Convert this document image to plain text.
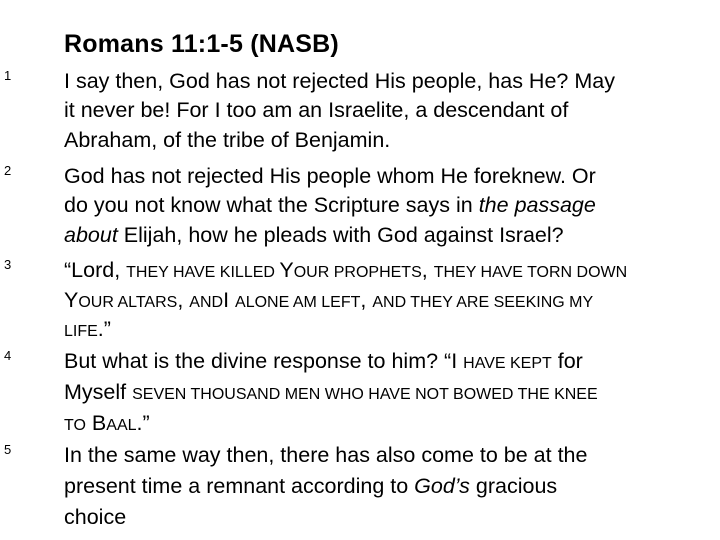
Romans 11:1-5 (NASB)
1 I say then, God has not rejected His people, has He? May
it never be! For I too am an Israelite, a descendant of
Abraham, of the tribe of Benjamin.
2 God has not rejected His people whom He foreknew. Or
do you not know what the Scripture says in the passage
about Elijah, how he pleads with God against Israel?
3 “Lord, THEY HAVE KILLED YOUR PROPHETS, THEY HAVE TORN DOWN
YOUR ALTARS, ANDI ALONE AM LEFT, AND THEY ARE SEEKING MY
LIFE.”
4 But what is the divine response to him? “I HAVE KEPT for
Myself SEVEN THOUSAND MEN WHO HAVE NOT BOWED THE KNEE
TO BAAL.”
5 In the same way then, there has also come to be at the
present time a remnant according to God’s gracious
choice
